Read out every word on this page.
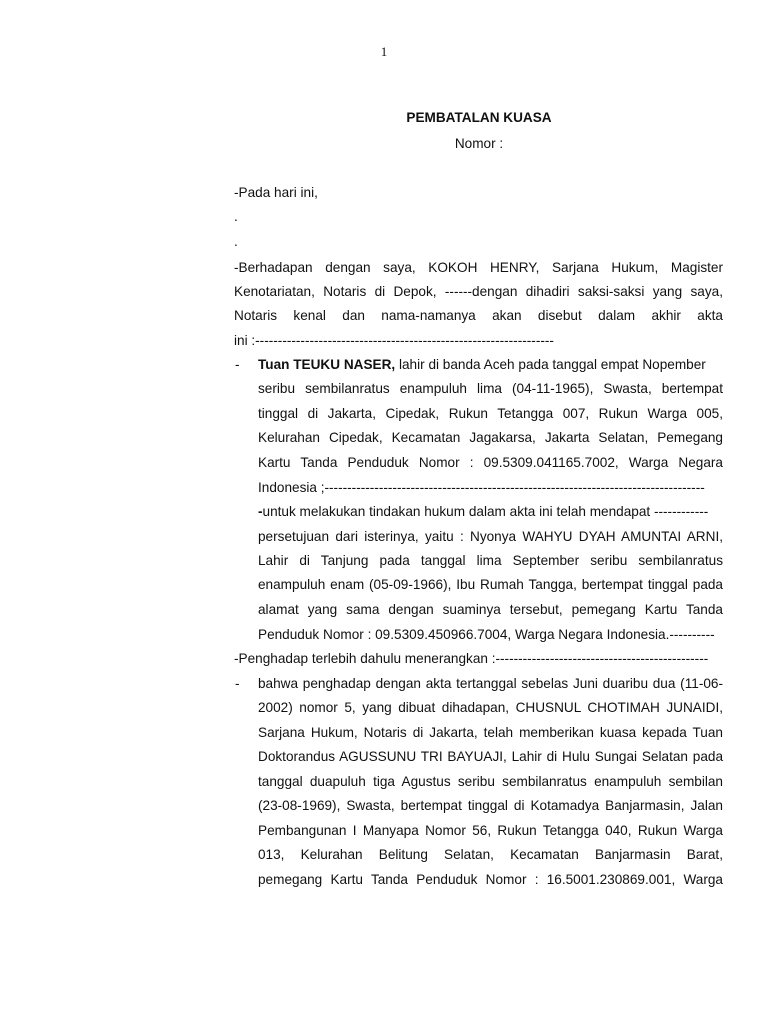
1
PEMBATALAN KUASA
Nomor :
-Pada hari ini,
.
.
-Berhadapan dengan saya, KOKOH HENRY, Sarjana Hukum, Magister
Kenotariatan, Notaris di Depok, ------dengan dihadiri saksi-saksi yang saya,
Notaris kenal dan nama-namanya akan disebut dalam akhir akta
ini :------------------------------------------------------------------
- Tuan TEUKU NASER, lahir di banda Aceh pada tanggal empat Nopember
seribu sembilanratus enampuluh lima (04-11-1965), Swasta, bertempat
tinggal di Jakarta, Cipedak, Rukun Tetangga 007, Rukun Warga 005,
Kelurahan Cipedak, Kecamatan Jagakarsa, Jakarta Selatan, Pemegang
Kartu Tanda Penduduk Nomor : 09.5309.041165.7002, Warga Negara
Indonesia ;------------------------------------------------------------------------------------
-untuk melakukan tindakan hukum dalam akta ini telah mendapat ------------
persetujuan dari isterinya, yaitu : Nyonya WAHYU DYAH AMUNTAI ARNI,
Lahir di Tanjung pada tanggal lima September seribu sembilanratus
enampuluh enam (05-09-1966), Ibu Rumah Tangga, bertempat tinggal pada
alamat yang sama dengan suaminya tersebut, pemegang Kartu Tanda
Penduduk Nomor : 09.5309.450966.7004, Warga Negara Indonesia.----------
-Penghadap terlebih dahulu menerangkan :-----------------------------------------------
- bahwa penghadap dengan akta tertanggal sebelas Juni duaribu dua (11-06-
2002) nomor 5, yang dibuat dihadapan, CHUSNUL CHOTIMAH JUNAIDI,
Sarjana Hukum, Notaris di Jakarta, telah memberikan kuasa kepada Tuan
Doktorandus AGUSSUNU TRI BAYUAJI, Lahir di Hulu Sungai Selatan pada
tanggal duapuluh tiga Agustus seribu sembilanratus enampuluh sembilan
(23-08-1969), Swasta, bertempat tinggal di Kotamadya Banjarmasin, Jalan
Pembangunan I Manyapa Nomor 56, Rukun Tetangga 040, Rukun Warga
013, Kelurahan Belitung Selatan, Kecamatan Banjarmasin Barat,
pemegang Kartu Tanda Penduduk Nomor : 16.5001.230869.001, Warga
